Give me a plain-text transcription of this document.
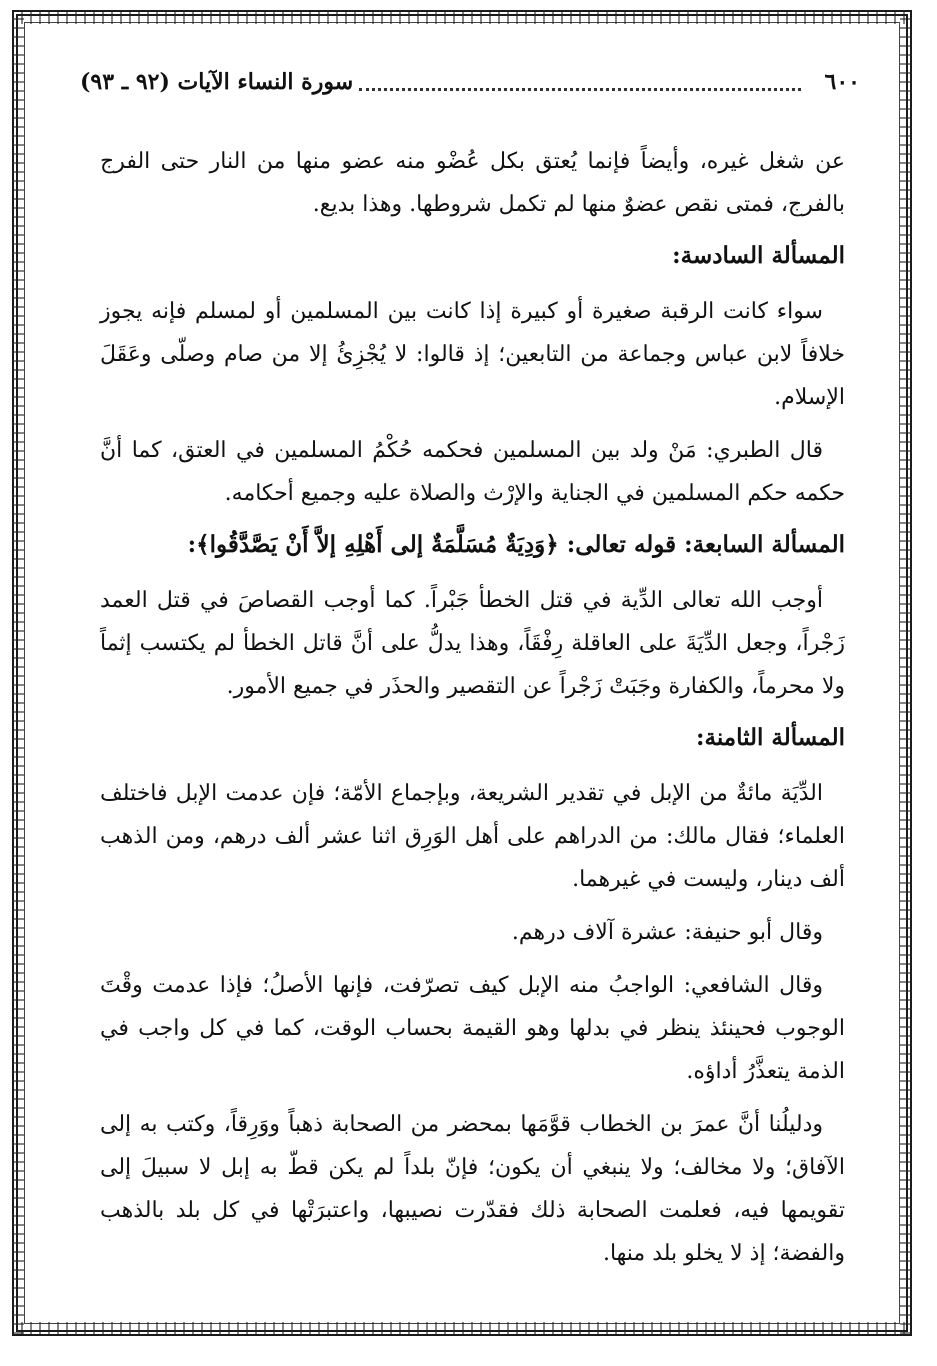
٦٠٠
سورة النساء الآيات (٩٢ ـ ٩٣)

عن شغل غيره، وأيضاً فإنما يُعتق بكل عُضْو منه عضو منها من النار حتى الفرج بالفرج، فمتى نقص عضوٌ منها لم تكمل شروطها. وهذا بديع.

المسألة السادسة:

سواء كانت الرقبة صغيرة أو كبيرة إذا كانت بين المسلمين أو لمسلم فإنه يجوز خلافاً لابن عباس وجماعة من التابعين؛ إذ قالوا: لا يُجْزِئُ إلا من صام وصلّى وعَقَلَ الإسلام.

قال الطبري: مَنْ ولد بين المسلمين فحكمه حُكْمُ المسلمين في العتق، كما أنَّ حكمه حكم المسلمين في الجناية والإرْث والصلاة عليه وجميع أحكامه.

المسألة السابعة: قوله تعالى: ﴿وَدِيَةٌ مُسَلَّمَةٌ إلى أَهْلِهِ إلاَّ أَنْ يَصَّدَّقُوا﴾:

أوجب الله تعالى الدِّية في قتل الخطأ جَبْراً. كما أوجب القصاصَ في قتل العمد زَجْراً، وجعل الدِّيَةَ على العاقلة رِفْقَاً، وهذا يدلُّ على أنَّ قاتل الخطأ لم يكتسب إثماً ولا محرماً، والكفارة وجَبَتْ زَجْراً عن التقصير والحذَر في جميع الأمور.

المسألة الثامنة:

الدِّيَة مائةٌ من الإبل في تقدير الشريعة، وبإجماع الأمّة؛ فإن عدمت الإبل فاختلف العلماء؛ فقال مالك: من الدراهم على أهل الوَرِق اثنا عشر ألف درهم، ومن الذهب ألف دينار، وليست في غيرهما.

وقال أبو حنيفة: عشرة آلاف درهم.

وقال الشافعي: الواجبُ منه الإبل كيف تصرّفت، فإنها الأصلُ؛ فإذا عدمت وقْتَ الوجوب فحينئذ ينظر في بدلها وهو القيمة بحساب الوقت، كما في كل واجب في الذمة يتعذَّرُ أداؤه.

ودليلُنا أنَّ عمرَ بن الخطاب قوَّمَها بمحضر من الصحابة ذهباً ووَرِقاً، وكتب به إلى الآفاق؛ ولا مخالف؛ ولا ينبغي أن يكون؛ فإنّ بلداً لم يكن قطّ به إبل لا سبيلَ إلى تقويمها فيه، فعلمت الصحابة ذلك فقدّرت نصيبها، واعتبرَتْها في كل بلد بالذهب والفضة؛ إذ لا يخلو بلد منها.
